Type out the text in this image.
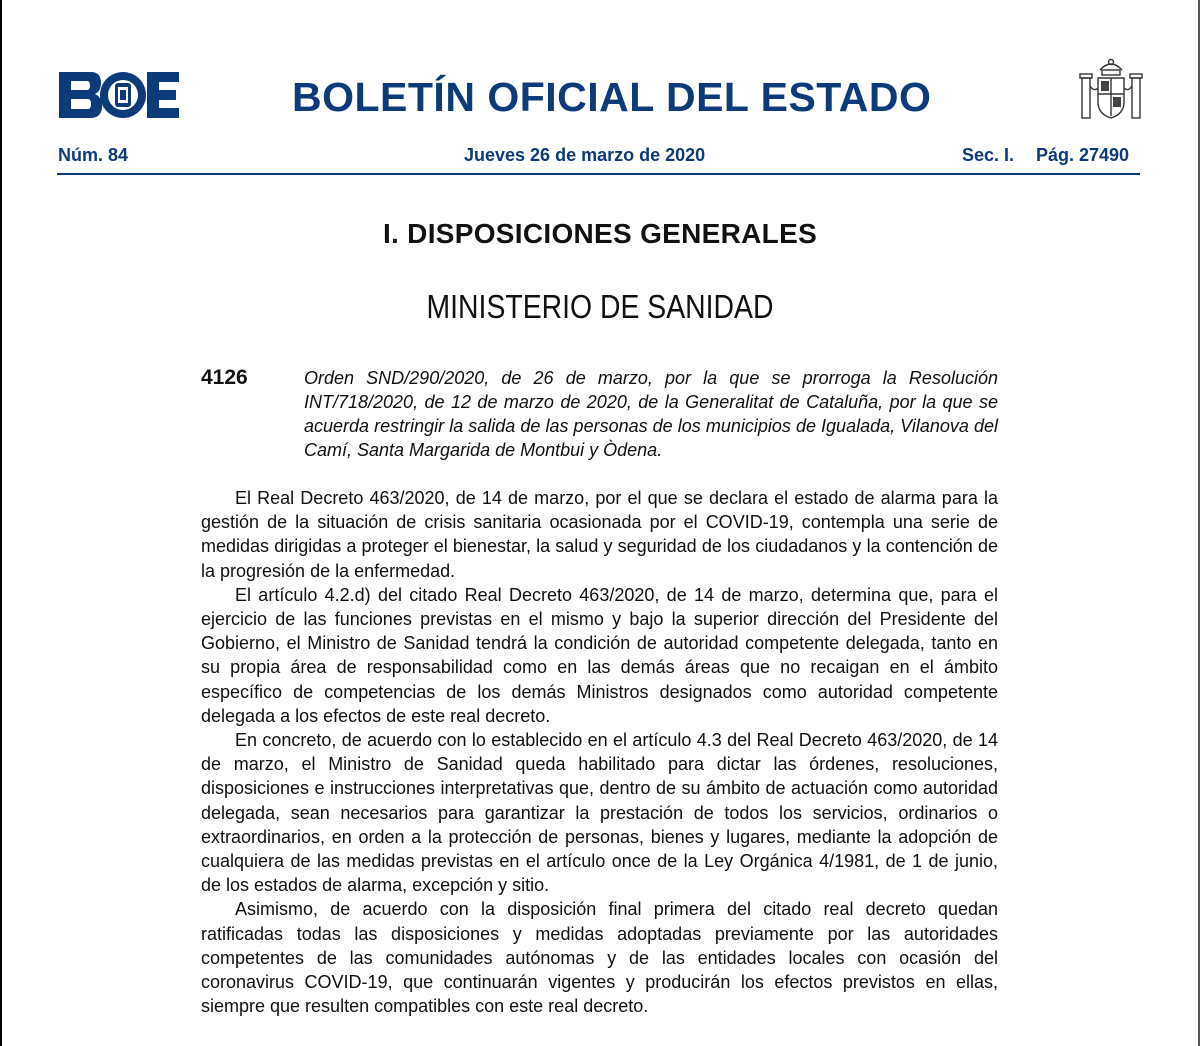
BOLETÍN OFICIAL DEL ESTADO
Núm. 84	Jueves 26 de marzo de 2020	Sec. I. Pág. 27490
I. DISPOSICIONES GENERALES
MINISTERIO DE SANIDAD
4126	Orden SND/290/2020, de 26 de marzo, por la que se prorroga la Resolución INT/718/2020, de 12 de marzo de 2020, de la Generalitat de Cataluña, por la que se acuerda restringir la salida de las personas de los municipios de Igualada, Vilanova del Camí, Santa Margarida de Montbui y Òdena.

El Real Decreto 463/2020, de 14 de marzo, por el que se declara el estado de alarma para la gestión de la situación de crisis sanitaria ocasionada por el COVID-19, contempla una serie de medidas dirigidas a proteger el bienestar, la salud y seguridad de los ciudadanos y la contención de la progresión de la enfermedad.

El artículo 4.2.d) del citado Real Decreto 463/2020, de 14 de marzo, determina que, para el ejercicio de las funciones previstas en el mismo y bajo la superior dirección del Presidente del Gobierno, el Ministro de Sanidad tendrá la condición de autoridad competente delegada, tanto en su propia área de responsabilidad como en las demás áreas que no recaigan en el ámbito específico de competencias de los demás Ministros designados como autoridad competente delegada a los efectos de este real decreto.

En concreto, de acuerdo con lo establecido en el artículo 4.3 del Real Decreto 463/2020, de 14 de marzo, el Ministro de Sanidad queda habilitado para dictar las órdenes, resoluciones, disposiciones e instrucciones interpretativas que, dentro de su ámbito de actuación como autoridad delegada, sean necesarios para garantizar la prestación de todos los servicios, ordinarios o extraordinarios, en orden a la protección de personas, bienes y lugares, mediante la adopción de cualquiera de las medidas previstas en el artículo once de la Ley Orgánica 4/1981, de 1 de junio, de los estados de alarma, excepción y sitio.

Asimismo, de acuerdo con la disposición final primera del citado real decreto quedan ratificadas todas las disposiciones y medidas adoptadas previamente por las autoridades competentes de las comunidades autónomas y de las entidades locales con ocasión del coronavirus COVID-19, que continuarán vigentes y producirán los efectos previstos en ellas, siempre que resulten compatibles con este real decreto.
